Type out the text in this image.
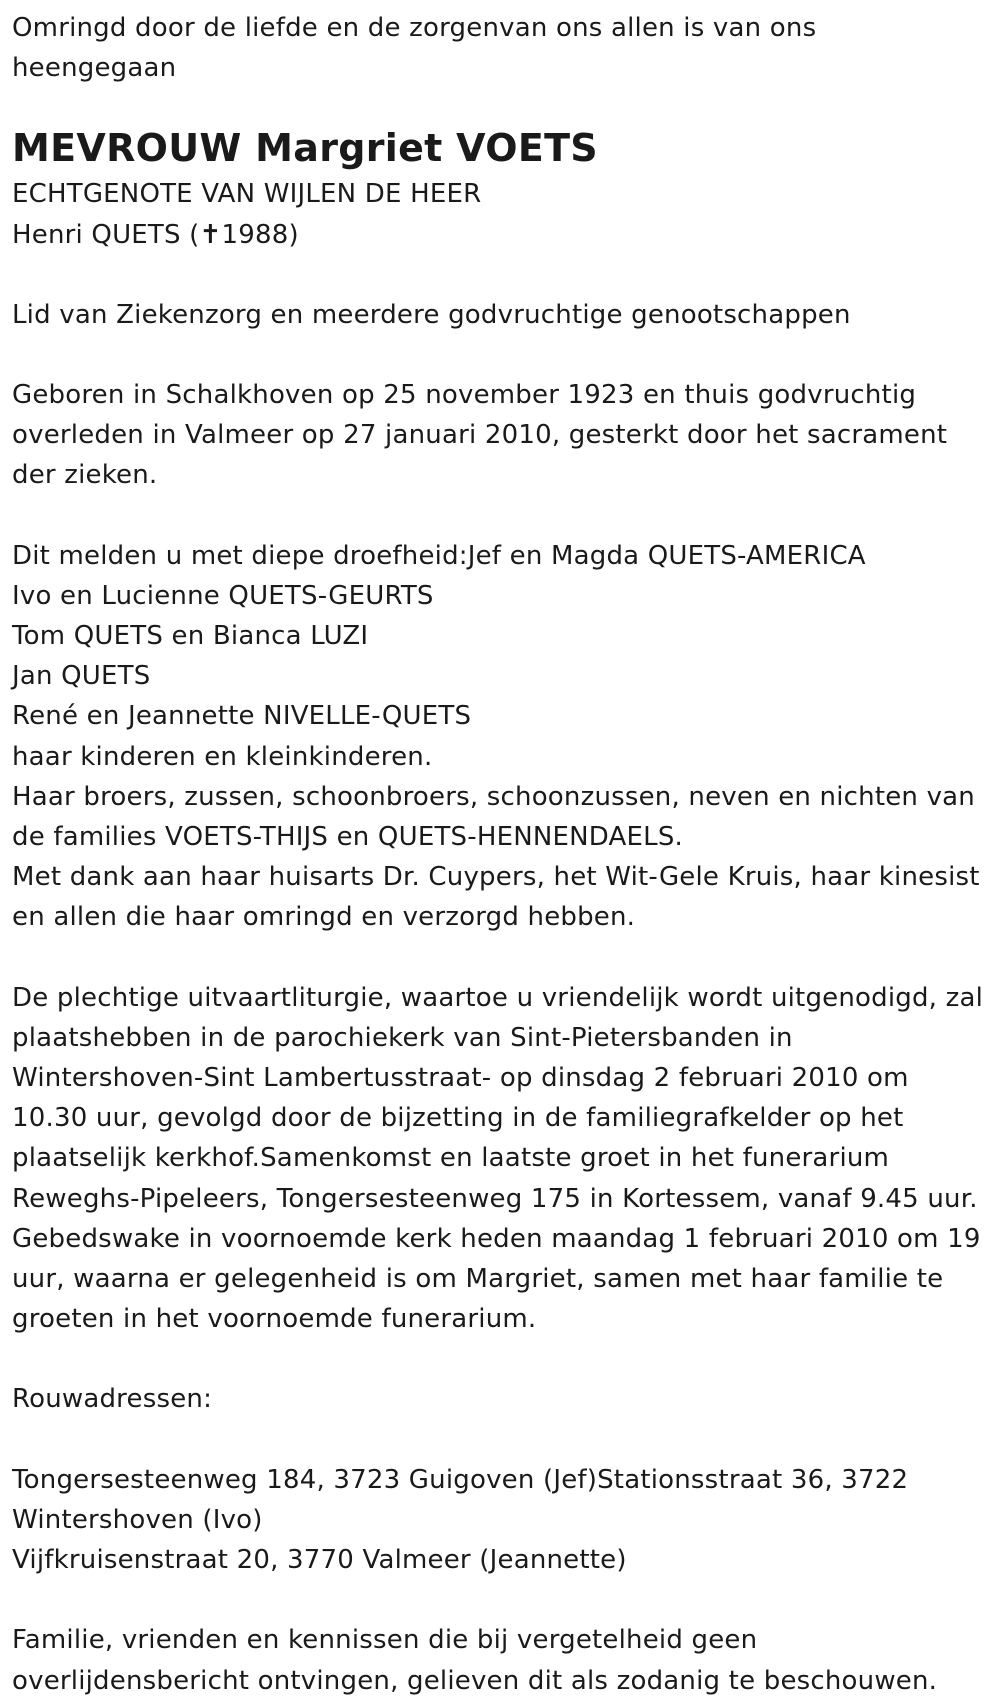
Omringd door de liefde en de zorgenvan ons allen is van ons heengegaan

MEVROUW Margriet VOETS

ECHTGENOTE VAN WIJLEN DE HEER

Henri QUETS (✝1988)

Lid van Ziekenzorg en meerdere godvruchtige genootschappen

Geboren in Schalkhoven op 25 november 1923 en thuis godvruchtig
overleden in Valmeer op 27 januari 2010, gesterkt door het sacrament
der zieken.

Dit melden u met diepe droefheid:Jef en Magda QUETS-AMERICA
Ivo en Lucienne QUETS-GEURTS
Tom QUETS en Bianca LUZI
Jan QUETS
René en Jeannette NIVELLE-QUETS
haar kinderen en kleinkinderen.
Haar broers, zussen, schoonbroers, schoonzussen, neven en nichten van
de families VOETS-THIJS en QUETS-HENNENDAELS.
Met dank aan haar huisarts Dr. Cuypers, het Wit-Gele Kruis, haar kinesist
en allen die haar omringd en verzorgd hebben.

De plechtige uitvaartliturgie, waartoe u vriendelijk wordt uitgenodigd, zal
plaatshebben in de parochiekerk van Sint-Pietersbanden in
Wintershoven-Sint Lambertusstraat- op dinsdag 2 februari 2010 om
10.30 uur, gevolgd door de bijzetting in de familiegrafkelder op het
plaatselijk kerkhof.Samenkomst en laatste groet in het funerarium
Reweghs-Pipeleers, Tongersesteenweg 175 in Kortessem, vanaf 9.45 uur.
Gebedswake in voornoemde kerk heden maandag 1 februari 2010 om 19
uur, waarna er gelegenheid is om Margriet, samen met haar familie te
groeten in het voornoemde funerarium.

Rouwadressen:

Tongersesteenweg 184, 3723 Guigoven (Jef)Stationsstraat 36, 3722
Wintershoven (Ivo)
Vijfkruisenstraat 20, 3770 Valmeer (Jeannette)

Familie, vrienden en kennissen die bij vergetelheid geen
overlijdensbericht ontvingen, gelieven dit als zodanig te beschouwen.
